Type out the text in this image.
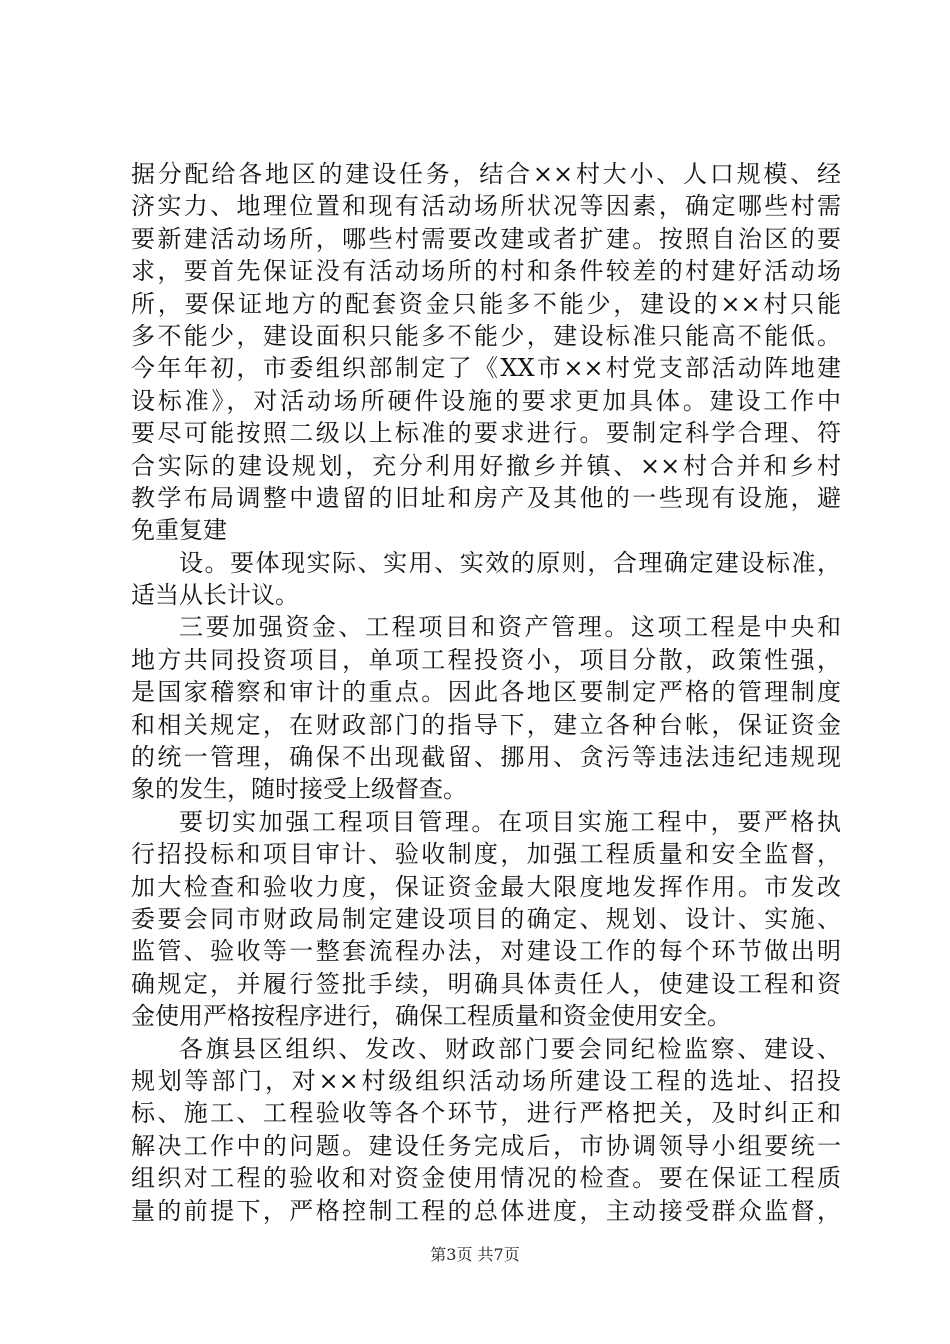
据分配给各地区的建设任务，结合××村大小、人口规模、经
济实力、地理位置和现有活动场所状况等因素，确定哪些村需
要新建活动场所，哪些村需要改建或者扩建。按照自治区的要
求，要首先保证没有活动场所的村和条件较差的村建好活动场
所，要保证地方的配套资金只能多不能少，建设的××村只能
多不能少，建设面积只能多不能少，建设标准只能高不能低。
今年年初，市委组织部制定了《XX市××村党支部活动阵地建
设标准》，对活动场所硬件设施的要求更加具体。建设工作中
要尽可能按照二级以上标准的要求进行。要制定科学合理、符
合实际的建设规划，充分利用好撤乡并镇、××村合并和乡村
教学布局调整中遗留的旧址和房产及其他的一些现有设施，避
免重复建
设。要体现实际、实用、实效的原则，合理确定建设标准，
适当从长计议。
三要加强资金、工程项目和资产管理。这项工程是中央和
地方共同投资项目，单项工程投资小，项目分散，政策性强，
是国家稽察和审计的重点。因此各地区要制定严格的管理制度
和相关规定，在财政部门的指导下，建立各种台帐，保证资金
的统一管理，确保不出现截留、挪用、贪污等违法违纪违规现
象的发生，随时接受上级督查。
要切实加强工程项目管理。在项目实施工程中，要严格执
行招投标和项目审计、验收制度，加强工程质量和安全监督，
加大检查和验收力度，保证资金最大限度地发挥作用。市发改
委要会同市财政局制定建设项目的确定、规划、设计、实施、
监管、验收等一整套流程办法，对建设工作的每个环节做出明
确规定，并履行签批手续，明确具体责任人，使建设工程和资
金使用严格按程序进行，确保工程质量和资金使用安全。
各旗县区组织、发改、财政部门要会同纪检监察、建设、
规划等部门，对××村级组织活动场所建设工程的选址、招投
标、施工、工程验收等各个环节，进行严格把关，及时纠正和
解决工作中的问题。建设任务完成后，市协调领导小组要统一
组织对工程的验收和对资金使用情况的检查。要在保证工程质
量的前提下，严格控制工程的总体进度，主动接受群众监督，
第3页 共7页
